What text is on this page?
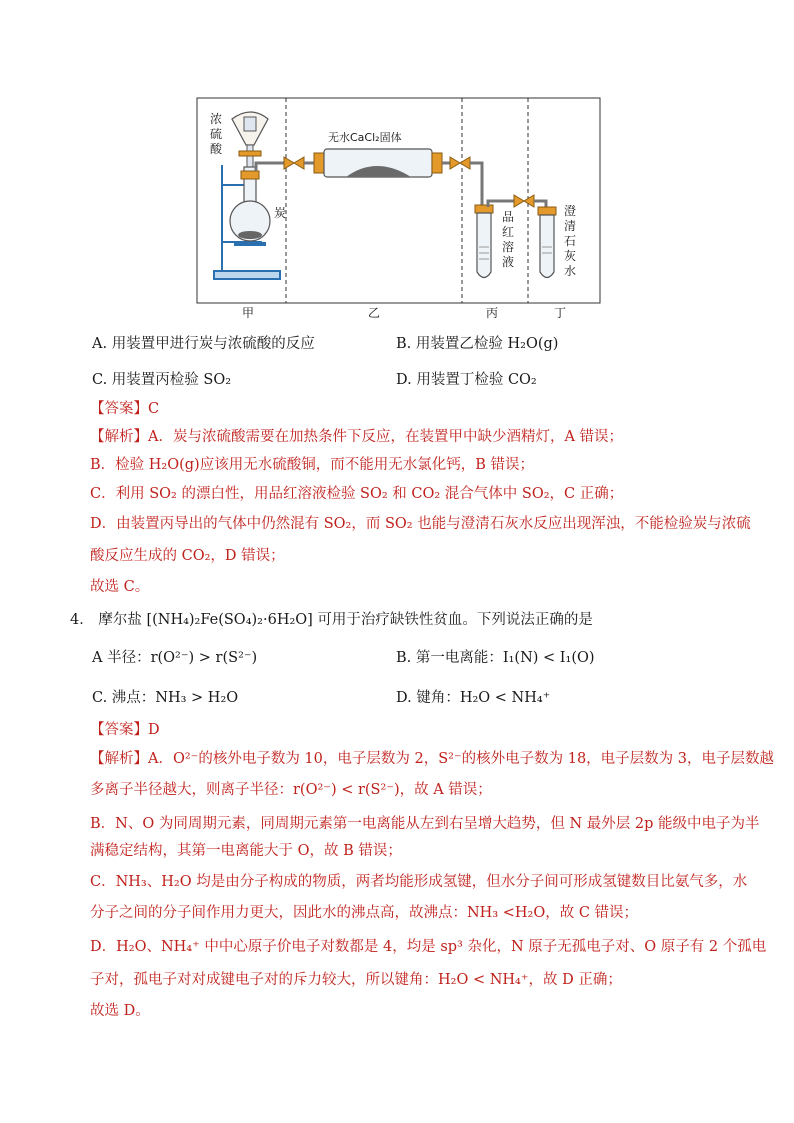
浓
硫
酸
炭
无水CaCl₂固体
品
红
溶
液
澄
清
石
灰
水
甲	乙	丙	丁
A. 用装置甲进行炭与浓硫酸的反应	B. 用装置乙检验 H₂O(g)
C. 用装置丙检验 SO₂	D. 用装置丁检验 CO₂
【答案】C
【解析】A．炭与浓硫酸需要在加热条件下反应，在装置甲中缺少酒精灯，A 错误；
B．检验 H₂O(g)应该用无水硫酸铜，而不能用无水氯化钙，B 错误；
C．利用 SO₂ 的漂白性，用品红溶液检验 SO₂ 和 CO₂ 混合气体中 SO₂，C 正确；
D．由装置丙导出的气体中仍然混有 SO₂，而 SO₂ 也能与澄清石灰水反应出现浑浊，不能检验炭与浓硫
酸反应生成的 CO₂，D 错误；
故选 C。
4． 摩尔盐 [(NH₄)₂Fe(SO₄)₂·6H₂O] 可用于治疗缺铁性贫血。下列说法正确的是
A 半径：r(O²⁻) > r(S²⁻)	B. 第一电离能：I₁(N) < I₁(O)
C. 沸点：NH₃ > H₂O	D. 键角：H₂O < NH₄⁺
【答案】D
【解析】A．O²⁻的核外电子数为 10，电子层数为 2，S²⁻的核外电子数为 18，电子层数为 3，电子层数越
多离子半径越大，则离子半径：r(O²⁻) < r(S²⁻)，故 A 错误；
B．N、O 为同周期元素，同周期元素第一电离能从左到右呈增大趋势，但 N 最外层 2p 能级中电子为半
满稳定结构，其第一电离能大于 O，故 B 错误；
C．NH₃、H₂O 均是由分子构成的物质，两者均能形成氢键，但水分子间可形成氢键数目比氨气多，水
分子之间的分子间作用力更大，因此水的沸点高，故沸点：NH₃ <H₂O，故 C 错误；
D．H₂O、NH₄⁺ 中中心原子价电子对数都是 4，均是 sp³ 杂化，N 原子无孤电子对、O 原子有 2 个孤电
子对，孤电子对对成键电子对的斥力较大，所以键角：H₂O < NH₄⁺，故 D 正确；
故选 D。
